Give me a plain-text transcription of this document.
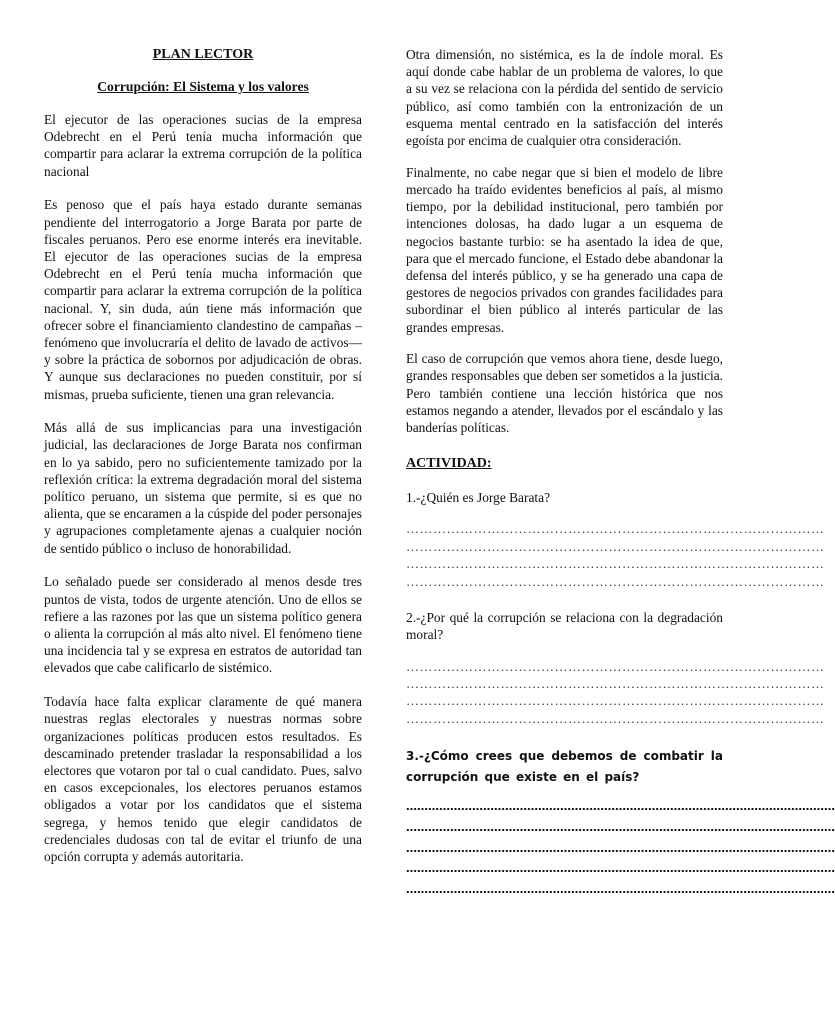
PLAN LECTOR
Corrupción: El Sistema y los valores

El ejecutor de las operaciones sucias de la empresa Odebrecht en el Perú tenía mucha información que compartir para aclarar la extrema corrupción de la política nacional

Es penoso que el país haya estado durante semanas pendiente del interrogatorio a Jorge Barata por parte de fiscales peruanos. Pero ese enorme interés era inevitable. El ejecutor de las operaciones sucias de la empresa Odebrecht en el Perú tenía mucha información que compartir para aclarar la extrema corrupción de la política nacional. Y, sin duda, aún tiene más información que ofrecer sobre el financiamiento clandestino de campañas –fenómeno que involucraría el delito de lavado de activos— y sobre la práctica de sobornos por adjudicación de obras. Y aunque sus declaraciones no pueden constituir, por sí mismas, prueba suficiente, tienen una gran relevancia.

Más allá de sus implicancias para una investigación judicial, las declaraciones de Jorge Barata nos confirman en lo ya sabido, pero no suficientemente tamizado por la reflexión crítica: la extrema degradación moral del sistema político peruano, un sistema que permite, si es que no alienta, que se encaramen a la cúspide del poder personajes y agrupaciones completamente ajenas a cualquier noción de sentido público o incluso de honorabilidad.

Lo señalado puede ser considerado al menos desde tres puntos de vista, todos de urgente atención. Uno de ellos se refiere a las razones por las que un sistema político genera o alienta la corrupción al más alto nivel. El fenómeno tiene una incidencia tal y se expresa en estratos de autoridad tan elevados que cabe calificarlo de sistémico.

Todavía hace falta explicar claramente de qué manera nuestras reglas electorales y nuestras normas sobre organizaciones políticas producen estos resultados. Es descaminado pretender trasladar la responsabilidad a los electores que votaron por tal o cual candidato. Pues, salvo en casos excepcionales, los electores peruanos estamos obligados a votar por los candidatos que el sistema segrega, y hemos tenido que elegir candidatos de credenciales dudosas con tal de evitar el triunfo de una opción corrupta y además autoritaria.

Otra dimensión, no sistémica, es la de índole moral. Es aquí donde cabe hablar de un problema de valores, lo que a su vez se relaciona con la pérdida del sentido de servicio público, así como también con la entronización de un esquema mental centrado en la satisfacción del interés egoísta por encima de cualquier otra consideración.

Finalmente, no cabe negar que si bien el modelo de libre mercado ha traído evidentes beneficios al país, al mismo tiempo, por la debilidad institucional, pero también por intenciones dolosas, ha dado lugar a un esquema de negocios bastante turbio: se ha asentado la idea de que, para que el mercado funcione, el Estado debe abandonar la defensa del interés público, y se ha generado una capa de gestores de negocios privados con grandes facilidades para subordinar el bien público al interés particular de las grandes empresas.

El caso de corrupción que vemos ahora tiene, desde luego, grandes responsables que deben ser sometidos a la justicia. Pero también contiene una lección histórica que nos estamos negando a atender, llevados por el escándalo y las banderías políticas.

ACTIVIDAD:
1.-¿Quién es Jorge Barata?
…………………………………………………………………………………
…………………………………………………………………………………
…………………………………………………………………………………
…………………………………………………………………………………
2.-¿Por qué la corrupción se relaciona con la degradación moral?
…………………………………………………………………………………
…………………………………………………………………………………
…………………………………………………………………………………
…………………………………………………………………………………
3.-¿Cómo crees que debemos de combatir la corrupción que existe en el país?
………………………………………………………………………………………………………
………………………………………………………………………………………………………
………………………………………………………………………………………………………
………………………………………………………………………………………………………
………………………………………………………………………………………………………
